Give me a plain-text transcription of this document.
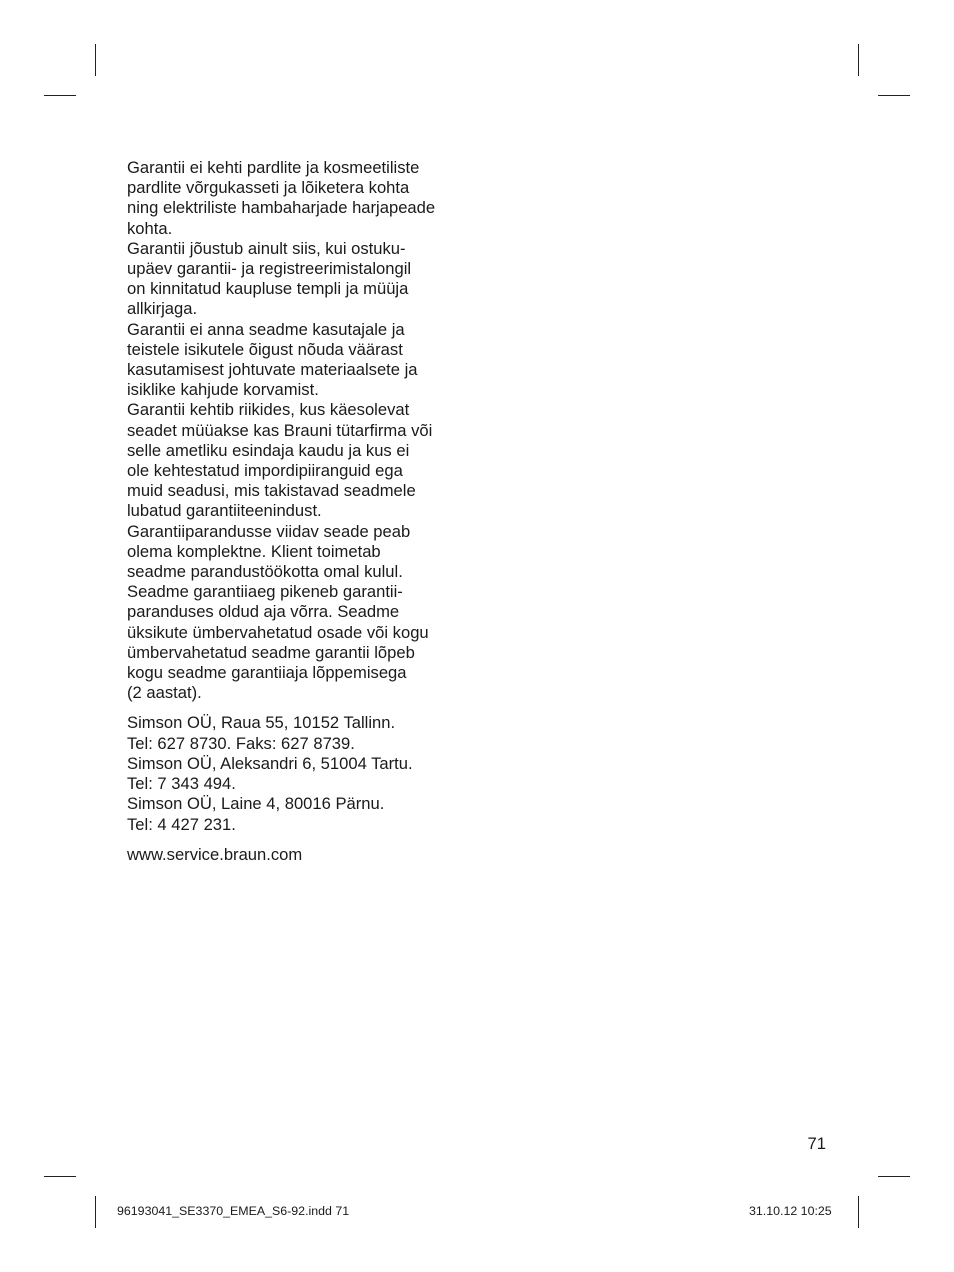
Garantii ei kehti pardlite ja kosmeetiliste
pardlite võrgukasseti ja lõiketera kohta
ning elektriliste hambaharjade harjapeade
kohta.
Garantii jõustub ainult siis, kui ostuku-
upäev garantii- ja registreerimistalongil
on kinnitatud kaupluse templi ja müüja
allkirjaga.
Garantii ei anna seadme kasutajale ja
teistele isikutele õigust nõuda väärast
kasutamisest johtuvate materiaalsete ja
isiklike kahjude korvamist.
Garantii kehtib riikides, kus käesolevat
seadet müüakse kas Brauni tütarfirma või
selle ametliku esindaja kaudu ja kus ei
ole kehtestatud impordipiiranguid ega
muid seadusi, mis takistavad seadmele
lubatud garantiiteenindust.
Garantiiparandusse viidav seade peab
olema komplektne. Klient toimetab
seadme parandustöökotta omal kulul.
Seadme garantiiaeg pikeneb garantii-
paranduses oldud aja võrra. Seadme
üksikute ümbervahetatud osade või kogu
ümbervahetatud seadme garantii lõpeb
kogu seadme garantiiaja lõppemisega
(2 aastat).
Simson OÜ, Raua 55, 10152 Tallinn.
Tel: 627 8730. Faks: 627 8739.
Simson OÜ, Aleksandri 6, 51004 Tartu.
Tel: 7 343 494.
Simson OÜ, Laine 4, 80016 Pärnu.
Tel: 4 427 231.
www.service.braun.com
71
96193041_SE3370_EMEA_S6-92.indd 71	31.10.12 10:25
